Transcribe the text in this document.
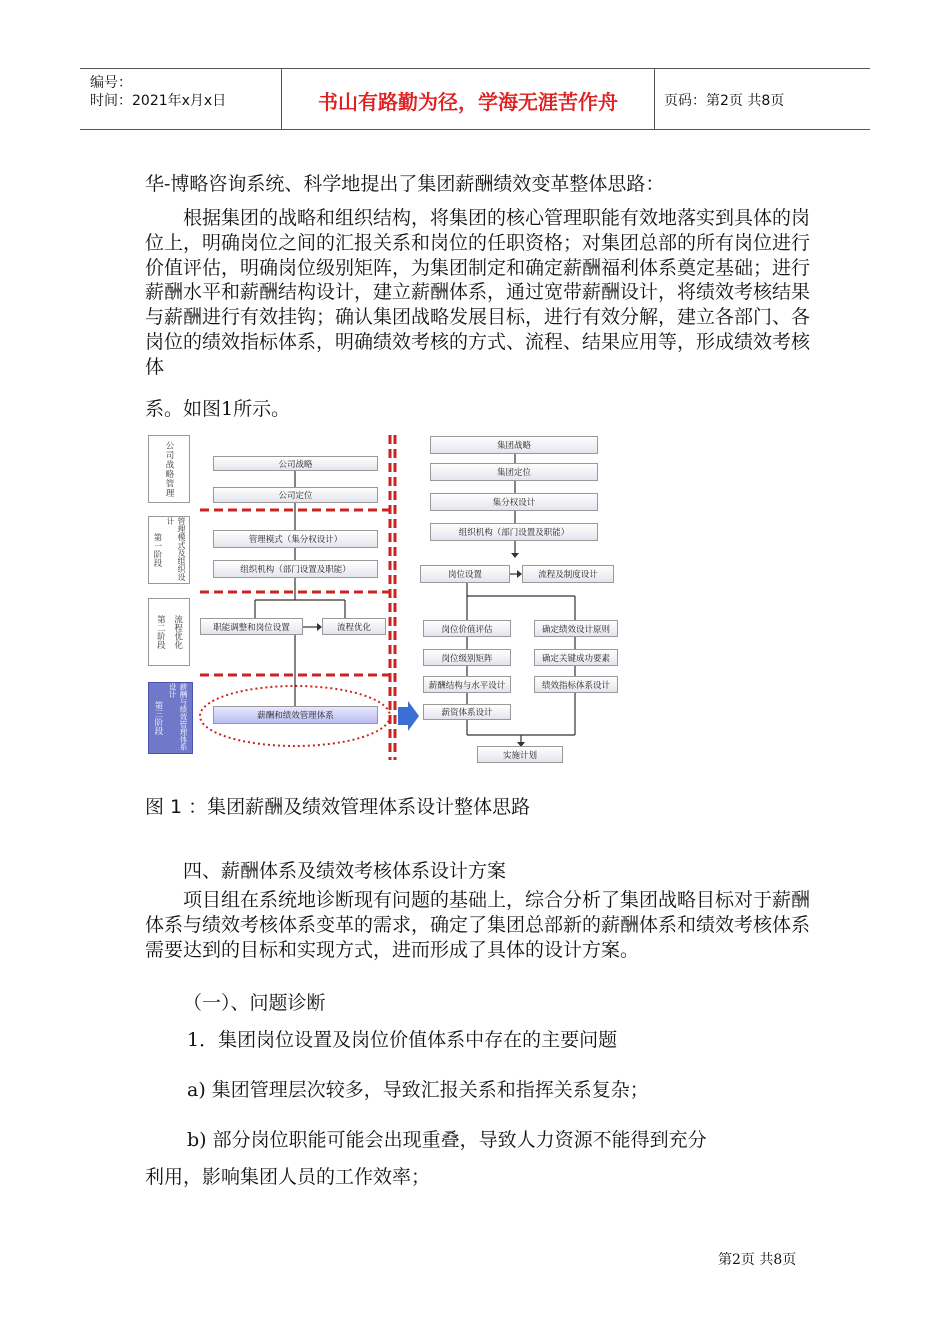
编号：
时间：2021年x月x日	书山有路勤为径，学海无涯苦作舟	页码：第2页 共8页
华-博略咨询系统、科学地提出了集团薪酬绩效变革整体思路：
根据集团的战略和组织结构，将集团的核心管理职能有效地落实到具体的岗位上，明确岗位之间的汇报关系和岗位的任职资格；对集团总部的所有岗位进行价值评估，明确岗位级别矩阵，为集团制定和确定薪酬福利体系奠定基础；进行薪酬水平和薪酬结构设计，建立薪酬体系，通过宽带薪酬设计，将绩效考核结果与薪酬进行有效挂钩；确认集团战略发展目标，进行有效分解，建立各部门、各岗位的绩效指标体系，明确绩效考核的方式、流程、结果应用等，形成绩效考核体
系。如图1所示。
公司战略管理
第一阶段	管理模式及组织设计
第二阶段 流程优化
第三阶段	薪酬与绩效管理体系设计
公司战略
公司定位
管理模式（集分权设计）
组织机构（部门设置及职能）
职能调整和岗位设置	流程优化
薪酬和绩效管理体系
集团战略
集团定位
集分权设计
组织机构（部门设置及职能）
岗位设置	流程及制度设计
岗位价值评估	确定绩效设计原则
岗位级别矩阵	确定关键成功要素
薪酬结构与水平设计	绩效指标体系设计
薪资体系设计
实施计划
图 1 ：集团薪酬及绩效管理体系设计整体思路
四、薪酬体系及绩效考核体系设计方案
项目组在系统地诊断现有问题的基础上，综合分析了集团战略目标对于薪酬体系与绩效考核体系变革的需求，确定了集团总部新的薪酬体系和绩效考核体系需要达到的目标和实现方式，进而形成了具体的设计方案。
（一）、问题诊断
1．集团岗位设置及岗位价值体系中存在的主要问题
a) 集团管理层次较多，导致汇报关系和指挥关系复杂；
b) 部分岗位职能可能会出现重叠，导致人力资源不能得到充分
利用，影响集团人员的工作效率；
第2页 共8页
